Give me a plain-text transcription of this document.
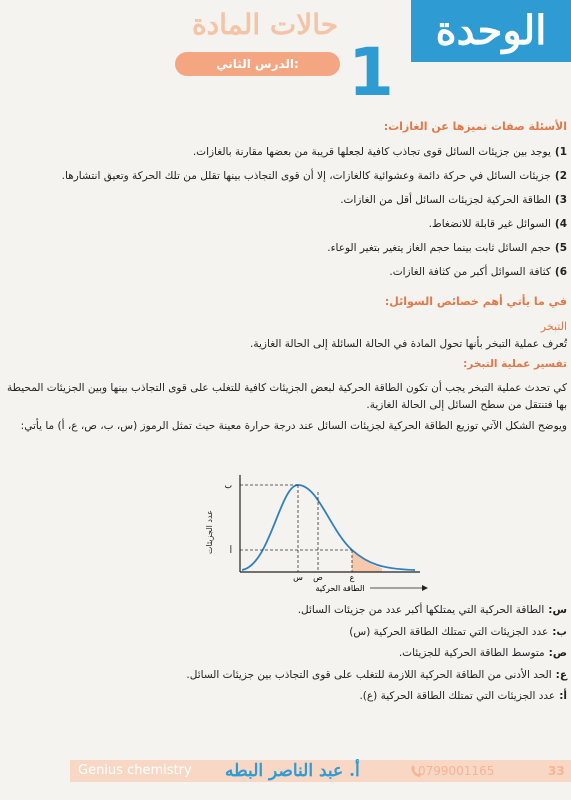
الوحدة
1
حالات المادة
الدرس الثاني:
الأسئلة صفات تميزها عن الغازات:
1)يوجد بين جزيئات السائل قوى تجاذب كافية لجعلها قريبة من بعضها مقارنة بالغازات.
2)جزيئات السائل في حركة دائمة وعشوائية كالغازات، إلا أن قوى التجاذب بينها تقلل من تلك الحركة وتعيق انتشارها.
3)الطاقة الحركية لجزيئات السائل أقل من الغازات.
4)السوائل غير قابلة للانضغاط.
5)حجم السائل ثابت بينما حجم الغاز يتغير بتغير الوعاء.
6)كثافة السوائل أكبر من كثافة الغازات.
في ما يأتي أهم خصائص السوائل:
التبخر
تُعرف عملية التبخر بأنها تحول المادة في الحالة السائلة إلى الحالة الغازية.
تفسير عملية التبخر:
كي تحدث عملية التبخر يجب أن تكون الطاقة الحركية لبعض الجزيئات كافية للتغلب على قوى التجاذب بينها وبين الجزيئات المحيطة بها فتنتقل من سطح السائل إلى الحالة الغازية.
ويوضح الشكل الآتي توزيع الطاقة الحركية لجزيئات السائل عند درجة حرارة معينة حيث تمثل الرموز (س، ب، ص، ع، أ) ما يأتي:
عدد الجزيئات
ب
أ
س ص	ع
الطاقة الحركية
س:الطاقة الحركية التي يمتلكها أكبر عدد من جزيئات السائل.
ب:عدد الجزيئات التي تمتلك الطاقة الحركية (س)
ص:متوسط الطاقة الحركية للجزيئات.
ع:الحد الأدنى من الطاقة الحركية اللازمة للتغلب على قوى التجاذب بين جزيئات السائل.
أ:عدد الجزيئات التي تمتلك الطاقة الحركية (ع).
Genius chemistry	أ. عبد الناصر البطه	0799001165	33
